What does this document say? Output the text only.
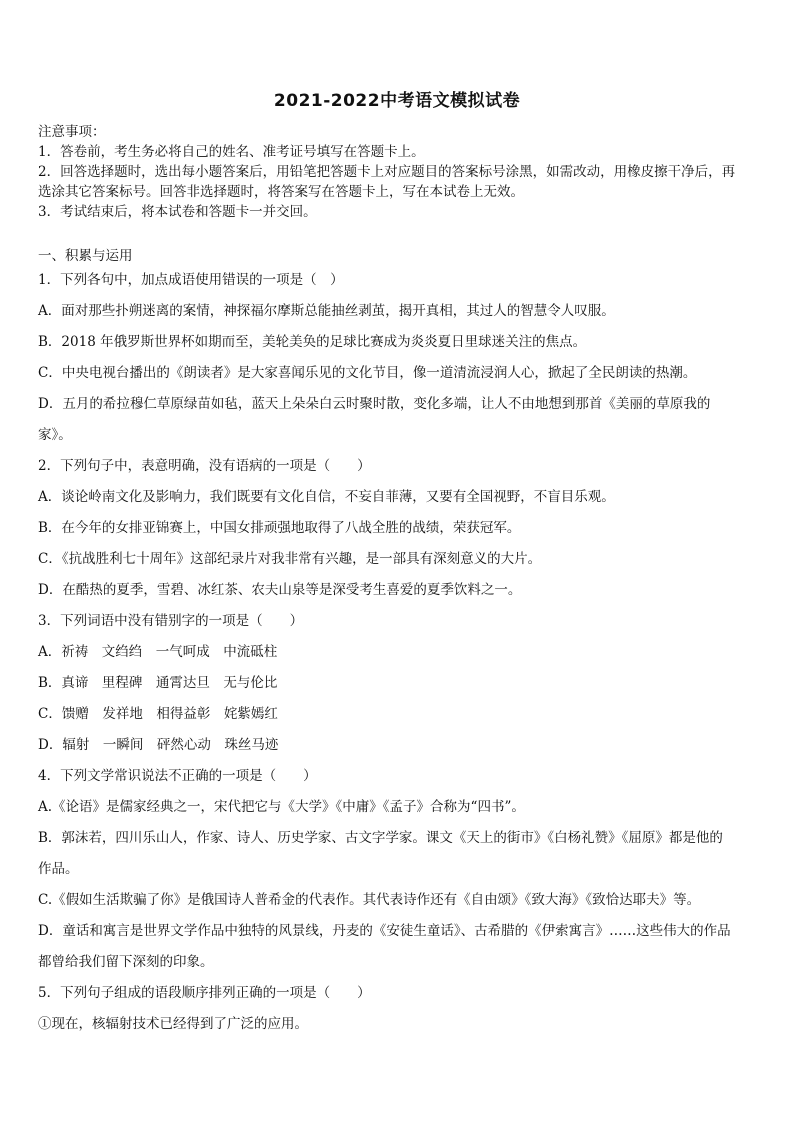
2021-2022中考语文模拟试卷
注意事项：
1．答卷前，考生务必将自己的姓名、准考证号填写在答题卡上。
2．回答选择题时，选出每小题答案后，用铅笔把答题卡上对应题目的答案标号涂黑，如需改动，用橡皮擦干净后，再
选涂其它答案标号。回答非选择题时，将答案写在答题卡上，写在本试卷上无效。
3．考试结束后，将本试卷和答题卡一并交回。
一、积累与运用
1．下列各句中，加点成语使用错误的一项是（　）
A．面对那些扑朔迷离的案情，神探福尔摩斯总能抽丝剥茧，揭开真相，其过人的智慧令人叹服。
B．2018 年俄罗斯世界杯如期而至，美轮美奂的足球比赛成为炎炎夏日里球迷关注的焦点。
C．中央电视台播出的《朗读者》是大家喜闻乐见的文化节目，像一道清流浸润人心，掀起了全民朗读的热潮。
D．五月的希拉穆仁草原绿苗如毡，蓝天上朵朵白云时聚时散，变化多端，让人不由地想到那首《美丽的草原我的
家》。
2．下列句子中，表意明确，没有语病的一项是（　　）
A．谈论岭南文化及影响力，我们既要有文化自信，不妄自菲薄，又要有全国视野，不盲目乐观。
B．在今年的女排亚锦赛上，中国女排顽强地取得了八战全胜的战绩，荣获冠军。
C．《抗战胜利七十周年》这部纪录片对我非常有兴趣，是一部具有深刻意义的大片。
D．在酷热的夏季，雪碧、冰红茶、农夫山泉等是深受考生喜爱的夏季饮料之一。
3．下列词语中没有错别字的一项是（　　）
A．祈祷　文绉绉　一气呵成　中流砥柱
B．真谛　里程碑　通霄达旦　无与伦比
C．馈赠　发祥地　相得益彰　姹紫嫣红
D．辐射　一瞬间　砰然心动　珠丝马迹
4．下列文学常识说法不正确的一项是（　　）
A.《论语》是儒家经典之一，宋代把它与《大学》《中庸》《孟子》合称为“四书”。
B．郭沫若，四川乐山人，作家、诗人、历史学家、古文字学家。课文《天上的街市》《白杨礼赞》《屈原》都是他的
作品。
C.《假如生活欺骗了你》是俄国诗人普希金的代表作。其代表诗作还有《自由颂》《致大海》《致恰达耶夫》等。
D．童话和寓言是世界文学作品中独特的风景线，丹麦的《安徒生童话》、古希腊的《伊索寓言》……这些伟大的作品
都曾给我们留下深刻的印象。
5．下列句子组成的语段顺序排列正确的一项是（　　）
①现在，核辐射技术已经得到了广泛的应用。
